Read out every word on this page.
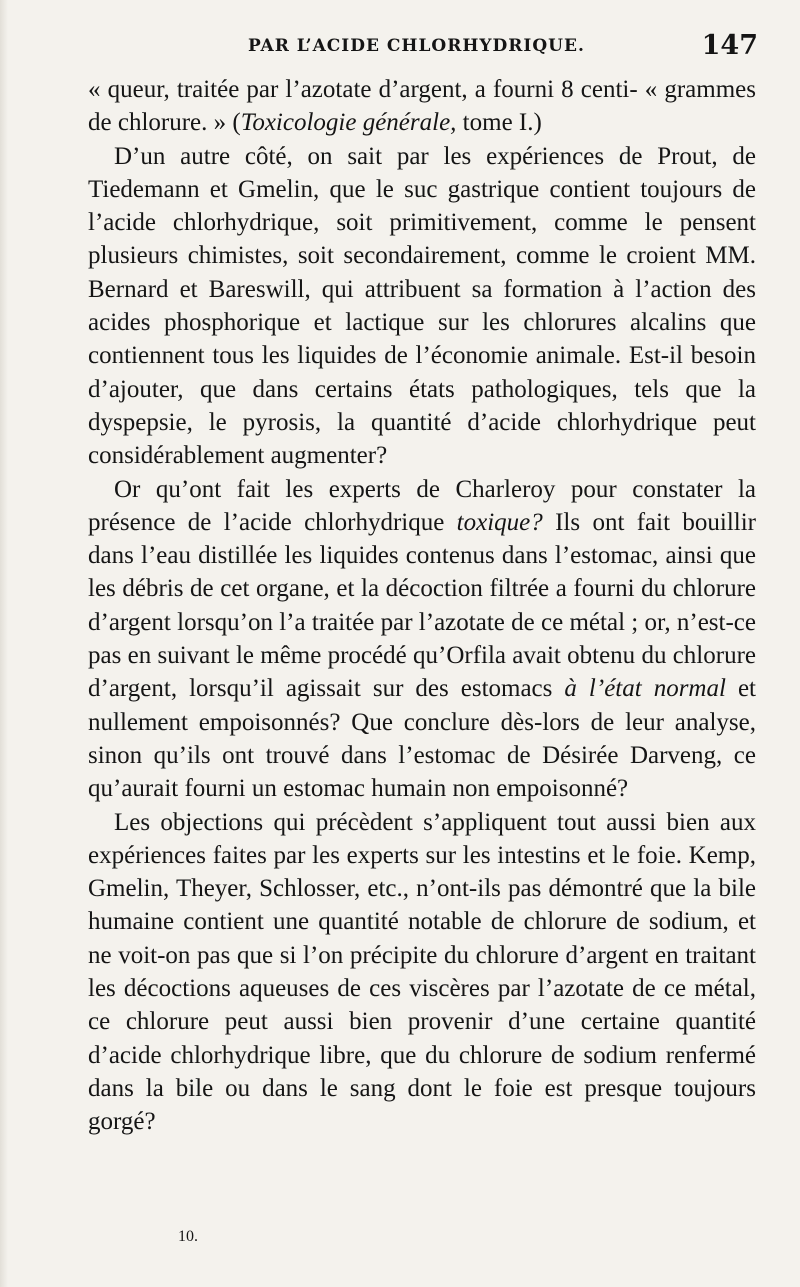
PAR L’ACIDE CHLORHYDRIQUE.	147

« queur, traitée par l’azotate d’argent, a fourni 8 centi- « grammes de chlorure. » (Toxicologie générale, tome I.)

D’un autre côté, on sait par les expériences de Prout, de Tiedemann et Gmelin, que le suc gastrique contient toujours de l’acide chlorhydrique, soit primitivement, comme le pensent plusieurs chimistes, soit secondairement, comme le croient MM. Bernard et Bareswill, qui attribuent sa formation à l’action des acides phosphorique et lactique sur les chlorures alcalins que contiennent tous les liquides de l’économie animale. Est-il besoin d’ajouter, que dans certains états pathologiques, tels que la dyspepsie, le pyrosis, la quantité d’acide chlorhydrique peut considérablement augmenter?

Or qu’ont fait les experts de Charleroy pour constater la présence de l’acide chlorhydrique toxique? Ils ont fait bouillir dans l’eau distillée les liquides contenus dans l’estomac, ainsi que les débris de cet organe, et la décoction filtrée a fourni du chlorure d’argent lorsqu’on l’a traitée par l’azotate de ce métal ; or, n’est-ce pas en suivant le même procédé qu’Orfila avait obtenu du chlorure d’argent, lorsqu’il agissait sur des estomacs à l’état normal et nullement empoisonnés? Que conclure dès-lors de leur analyse, sinon qu’ils ont trouvé dans l’estomac de Désirée Darveng, ce qu’aurait fourni un estomac humain non empoisonné?

Les objections qui précèdent s’appliquent tout aussi bien aux expériences faites par les experts sur les intestins et le foie. Kemp, Gmelin, Theyer, Schlosser, etc., n’ont-ils pas démontré que la bile humaine contient une quantité notable de chlorure de sodium, et ne voit-on pas que si l’on précipite du chlorure d’argent en traitant les décoctions aqueuses de ces viscères par l’azotate de ce métal, ce chlorure peut aussi bien provenir d’une certaine quantité d’acide chlorhydrique libre, que du chlorure de sodium renfermé dans la bile ou dans le sang dont le foie est presque toujours gorgé?

10.
